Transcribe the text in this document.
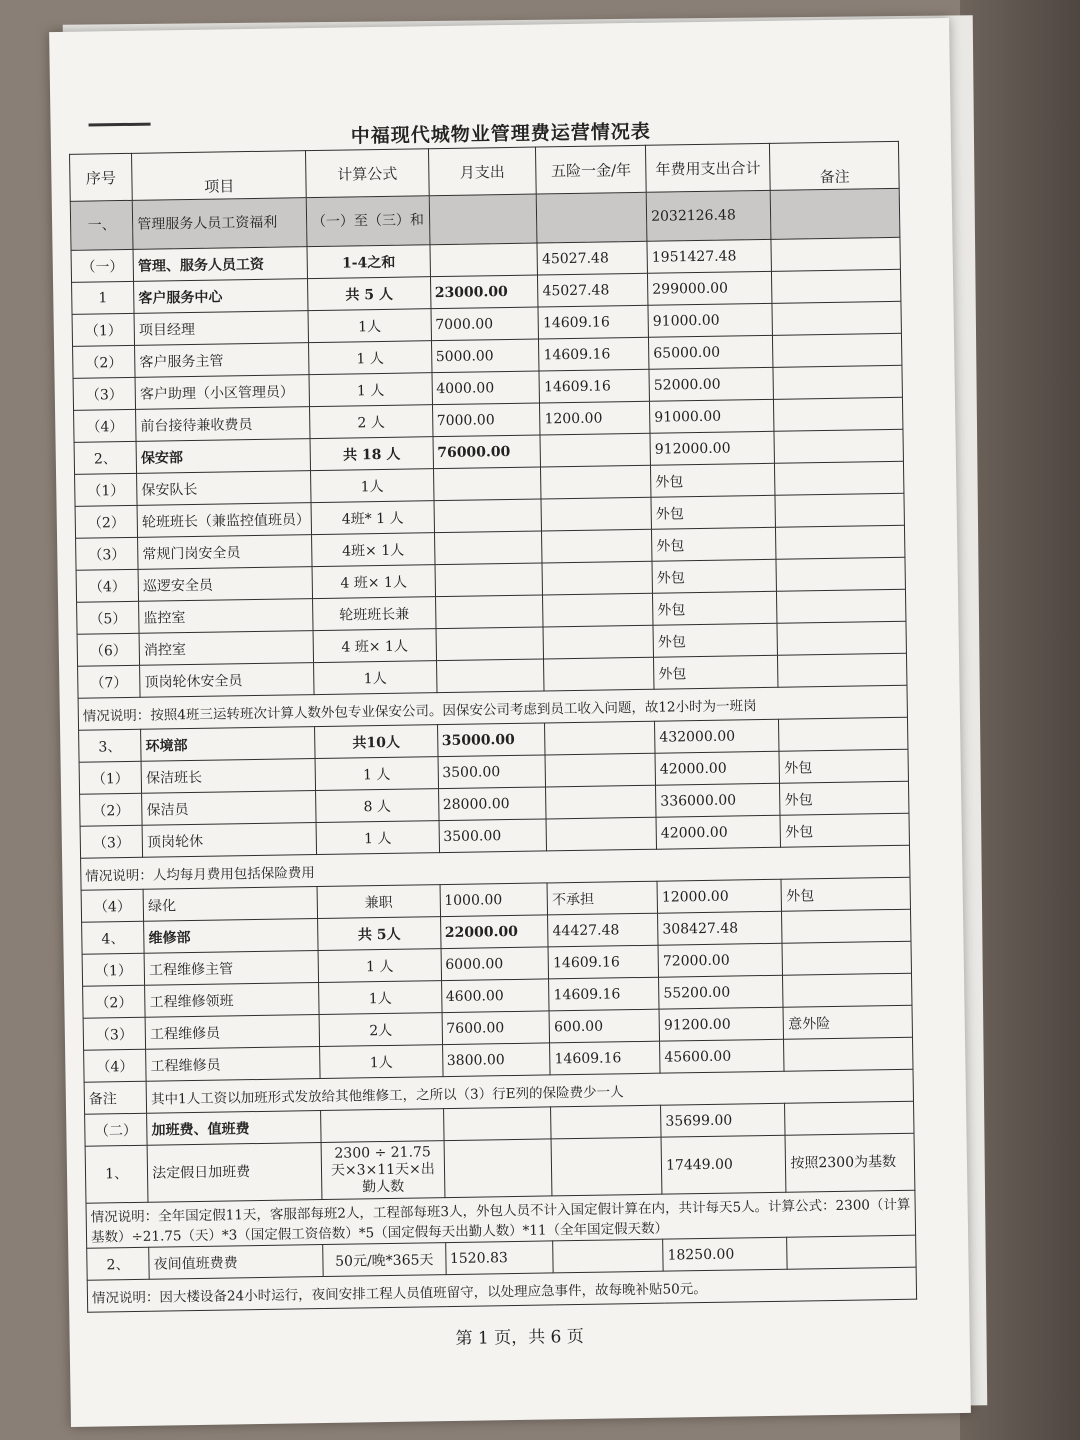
中福现代城物业管理费运营情况表
序号	项目	计算公式	月支出	五险一金/年	年费用支出合计	备注
一、	管理服务人员工资福利	（一）至（三）和			2032126.48	
（一）	管理、服务人员工资	1-4之和		45027.48	1951427.48	
1	客户服务中心	共 5 人	23000.00	45027.48	299000.00	
（1）	项目经理	1人	7000.00	14609.16	91000.00	
（2）	客户服务主管	1 人	5000.00	14609.16	65000.00	
（3）	客户助理（小区管理员）	1 人	4000.00	14609.16	52000.00	
（4）	前台接待兼收费员	2 人	7000.00	1200.00	91000.00	
2、	保安部	共 18 人	76000.00		912000.00	
（1）	保安队长	1人			外包	
（2）	轮班班长（兼监控值班员）	4班* 1 人			外包	
（3）	常规门岗安全员	4班× 1人			外包	
（4）	巡逻安全员	4 班× 1人			外包	
（5）	监控室	轮班班长兼			外包	
（6）	消控室	4 班× 1人			外包	
（7）	顶岗轮休安全员	1人			外包	
情况说明：按照4班三运转班次计算人数外包专业保安公司。因保安公司考虑到员工收入问题，故12小时为一班岗						
3、	环境部	共10人	35000.00		432000.00	
（1）	保洁班长	1 人	3500.00		42000.00	外包
（2）	保洁员	8 人	28000.00		336000.00	外包
（3）	顶岗轮休	1 人	3500.00		42000.00	外包
情况说明：人均每月费用包括保险费用						
（4）	绿化	兼职	1000.00	不承担	12000.00	外包
4、	维修部	共 5人	22000.00	44427.48	308427.48	
（1）	工程维修主管	1 人	6000.00	14609.16	72000.00	
（2）	工程维修领班	1人	4600.00	14609.16	55200.00	
（3）	工程维修员	2人	7600.00	600.00	91200.00	意外险
（4）	工程维修员	1人	3800.00	14609.16	45600.00	
备注	其中1人工资以加班形式发放给其他维修工，之所以（3）行E列的保险费少一人					
（二）	加班费、值班费				35699.00	
1、	法定假日加班费	2300 ÷ 21.75 天×3×11天×出勤人数			17449.00	按照2300为基数
情况说明：全年国定假11天，客服部每班2人，工程部每班3人，外包人员不计入国定假计算在内，共计每天5人。计算公式：2300（计算基数）÷21.75（天）*3（国定假工资倍数）*5（国定假每天出勤人数）*11（全年国定假天数）						
2、	夜间值班费费	50元/晚*365天	1520.83		18250.00	
情况说明：因大楼设备24小时运行，夜间安排工程人员值班留守，以处理应急事件，故每晚补贴50元。						
第 1 页，共 6 页
